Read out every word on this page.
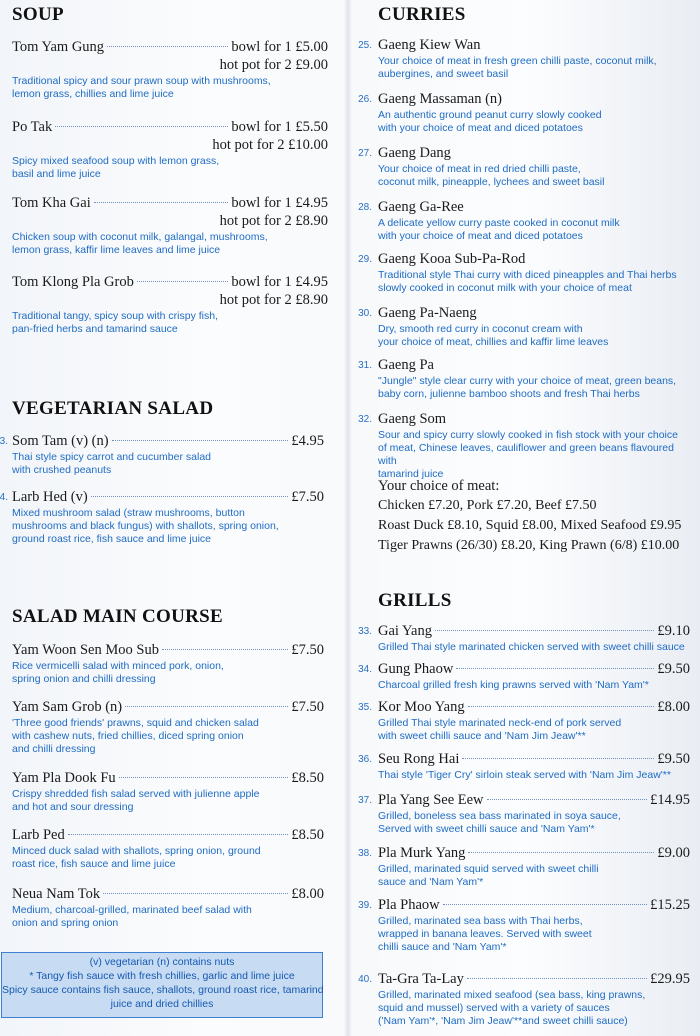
SOUP
Tom Yam Gung	bowl for 1 £5.00
hot pot for 2 £9.00
Traditional spicy and sour prawn soup with mushrooms,
lemon grass, chillies and lime juice
Po Tak	bowl for 1 £5.50
hot pot for 2 £10.00
Spicy mixed seafood soup with lemon grass,
basil and lime juice
Tom Kha Gai	bowl for 1 £4.95
hot pot for 2 £8.90
Chicken soup with coconut milk, galangal, mushrooms,
lemon grass, kaffir lime leaves and lime juice
Tom Klong Pla Grob	bowl for 1 £4.95
hot pot for 2 £8.90
Traditional tangy, spicy soup with crispy fish,
pan-fried herbs and tamarind sauce
VEGETARIAN SALAD
3. Som Tam (v) (n)	£4.95
Thai style spicy carrot and cucumber salad
with crushed peanuts
4. Larb Hed (v)	£7.50
Mixed mushroom salad (straw mushrooms, button
mushrooms and black fungus) with shallots, spring onion,
ground roast rice, fish sauce and lime juice
SALAD MAIN COURSE
Yam Woon Sen Moo Sub	£7.50
Rice vermicelli salad with minced pork, onion,
spring onion and chilli dressing
Yam Sam Grob (n)	£7.50
'Three good friends' prawns, squid and chicken salad
with cashew nuts, fried chillies, diced spring onion
and chilli dressing
Yam Pla Dook Fu	£8.50
Crispy shredded fish salad served with julienne apple
and hot and sour dressing
Larb Ped	£8.50
Minced duck salad with shallots, spring onion, ground
roast rice, fish sauce and lime juice
Neua Nam Tok	£8.00
Medium, charcoal-grilled, marinated beef salad with
onion and spring onion
(v) vegetarian (n) contains nuts
* Tangy fish sauce with fresh chillies, garlic and lime juice
Spicy sauce contains fish sauce, shallots, ground roast rice, tamarind
juice and dried chillies
CURRIES
25. Gaeng Kiew Wan
Your choice of meat in fresh green chilli paste, coconut milk,
aubergines, and sweet basil
26. Gaeng Massaman (n)
An authentic ground peanut curry slowly cooked
with your choice of meat and diced potatoes
27. Gaeng Dang
Your choice of meat in red dried chilli paste,
coconut milk, pineapple, lychees and sweet basil
28. Gaeng Ga-Ree
A delicate yellow curry paste cooked in coconut milk
with your choice of meat and diced potatoes
29. Gaeng Kooa Sub-Pa-Rod
Traditional style Thai curry with diced pineapples and Thai herbs
slowly cooked in coconut milk with your choice of meat
30. Gaeng Pa-Naeng
Dry, smooth red curry in coconut cream with
your choice of meat, chillies and kaffir lime leaves
31. Gaeng Pa
"Jungle" style clear curry with your choice of meat, green beans,
baby corn, julienne bamboo shoots and fresh Thai herbs
32. Gaeng Som
Sour and spicy curry slowly cooked in fish stock with your choice
of meat, Chinese leaves, cauliflower and green beans flavoured with
tamarind juice
Your choice of meat:
Chicken £7.20, Pork £7.20, Beef £7.50
Roast Duck £8.10, Squid £8.00, Mixed Seafood £9.95
Tiger Prawns (26/30) £8.20, King Prawn (6/8) £10.00
GRILLS
33. Gai Yang	£9.10
Grilled Thai style marinated chicken served with sweet chilli sauce
34. Gung Phaow	£9.50
Charcoal grilled fresh king prawns served with 'Nam Yam'*
35. Kor Moo Yang	£8.00
Grilled Thai style marinated neck-end of pork served
with sweet chilli sauce and 'Nam Jim Jeaw'**
36. Seu Rong Hai	£9.50
Thai style 'Tiger Cry' sirloin steak served with 'Nam Jim Jeaw'**
37. Pla Yang See Eew	£14.95
Grilled, boneless sea bass marinated in soya sauce,
Served with sweet chilli sauce and 'Nam Yam'*
38. Pla Murk Yang	£9.00
Grilled, marinated squid served with sweet chilli
sauce and 'Nam Yam'*
39. Pla Phaow	£15.25
Grilled, marinated sea bass with Thai herbs,
wrapped in banana leaves. Served with sweet
chilli sauce and 'Nam Yam'*
40. Ta-Gra Ta-Lay	£29.95
Grilled, marinated mixed seafood (sea bass, king prawns,
squid and mussel) served with a variety of sauces
('Nam Yam'*, 'Nam Jim Jeaw'**and sweet chilli sauce)
